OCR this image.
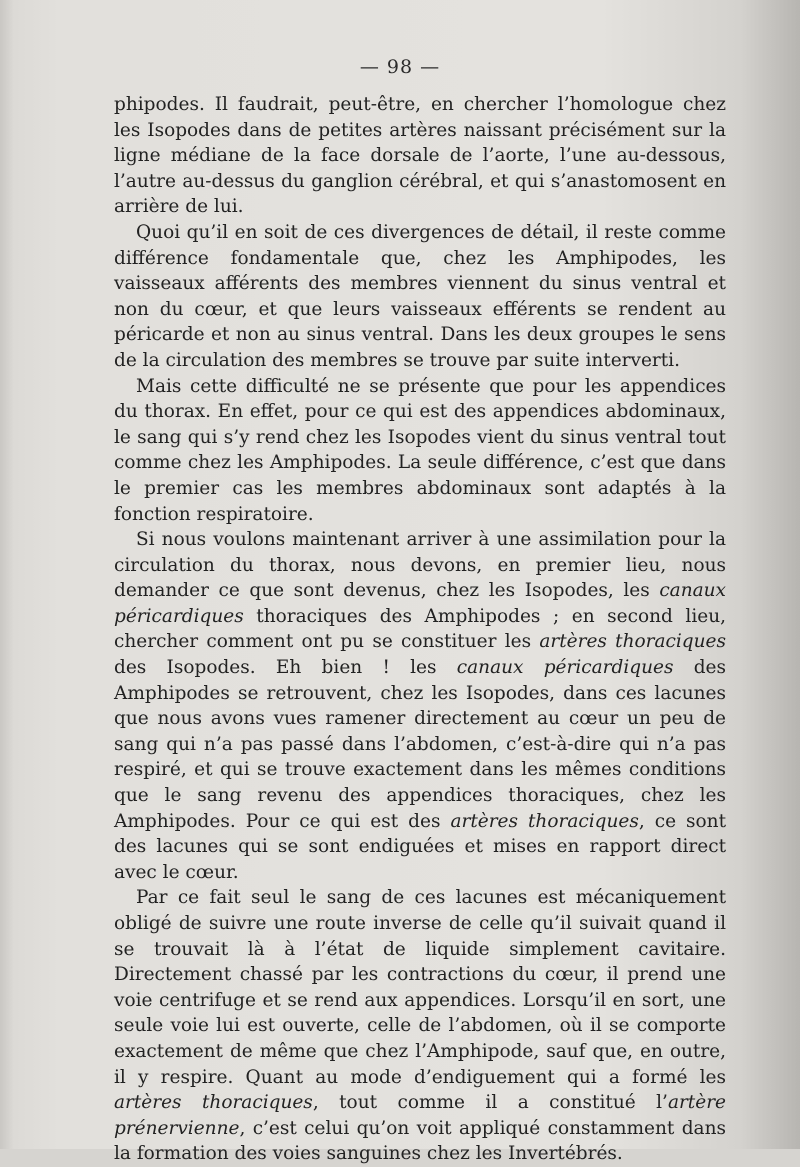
— 98 —

phipodes. Il faudrait, peut-être, en chercher l’homologue chez les Isopodes dans de petites artères naissant précisément sur la ligne médiane de la face dorsale de l’aorte, l’une au-dessous, l’autre au-dessus du ganglion cérébral, et qui s’anastomosent en arrière de lui.

Quoi qu’il en soit de ces divergences de détail, il reste comme différence fondamentale que, chez les Amphipodes, les vaisseaux afférents des membres viennent du sinus ventral et non du cœur, et que leurs vaisseaux efférents se rendent au péricarde et non au sinus ventral. Dans les deux groupes le sens de la circulation des membres se trouve par suite interverti.

Mais cette difficulté ne se présente que pour les appendices du thorax. En effet, pour ce qui est des appendices abdominaux, le sang qui s’y rend chez les Isopodes vient du sinus ventral tout comme chez les Amphipodes. La seule différence, c’est que dans le premier cas les membres abdominaux sont adaptés à la fonction respiratoire.

Si nous voulons maintenant arriver à une assimilation pour la circulation du thorax, nous devons, en premier lieu, nous demander ce que sont devenus, chez les Isopodes, les canaux péricardiques thoraciques des Amphipodes ; en second lieu, chercher comment ont pu se constituer les artères thoraciques des Isopodes. Eh bien ! les canaux péricardiques des Amphipodes se retrouvent, chez les Isopodes, dans ces lacunes que nous avons vues ramener directement au cœur un peu de sang qui n’a pas passé dans l’abdomen, c’est-à-dire qui n’a pas respiré, et qui se trouve exactement dans les mêmes conditions que le sang revenu des appendices thoraciques, chez les Amphipodes. Pour ce qui est des artères thoraciques, ce sont des lacunes qui se sont endiguées et mises en rapport direct avec le cœur.

Par ce fait seul le sang de ces lacunes est mécaniquement obligé de suivre une route inverse de celle qu’il suivait quand il se trouvait là à l’état de liquide simplement cavitaire. Directement chassé par les contractions du cœur, il prend une voie centrifuge et se rend aux appendices. Lorsqu’il en sort, une seule voie lui est ouverte, celle de l’abdomen, où il se comporte exactement de même que chez l’Amphipode, sauf que, en outre, il y respire. Quant au mode d’endiguement qui a formé les artères thoraciques, tout comme il a constitué l’artère prénervienne, c’est celui qu’on voit appliqué constamment dans la formation des voies sanguines chez les Invertébrés.
